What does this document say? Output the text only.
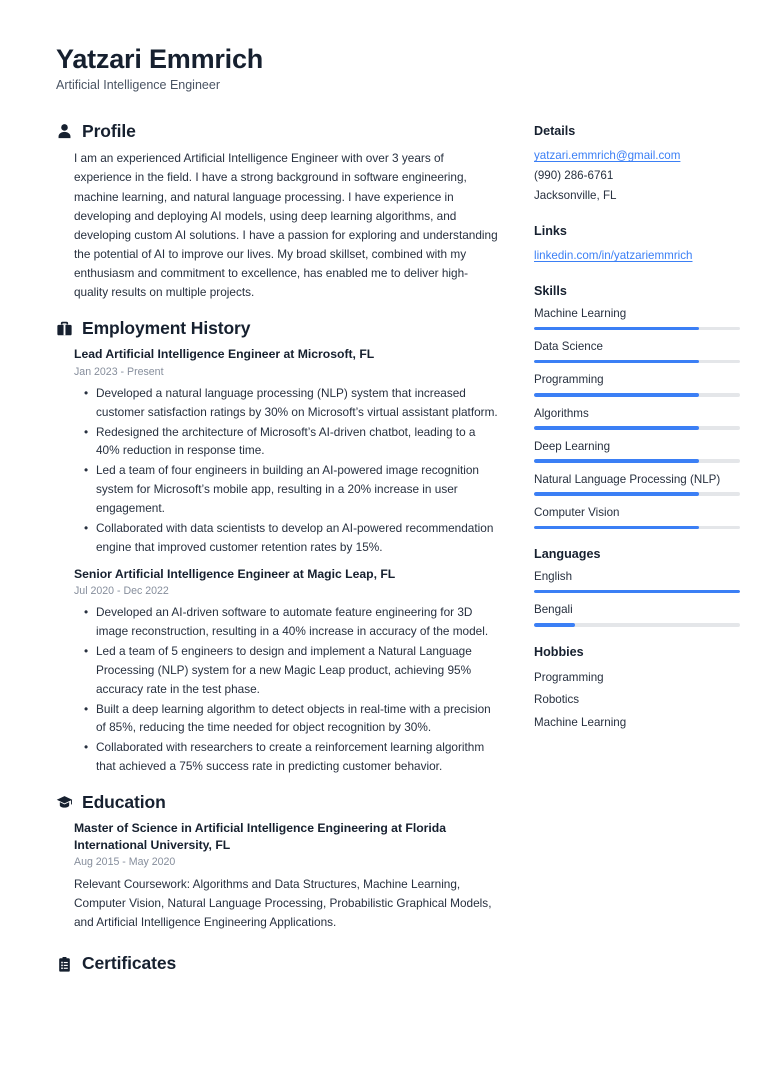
Yatzari Emmrich

Artificial Intelligence Engineer

Profile

I am an experienced Artificial Intelligence Engineer with over 3 years of experience in the field. I have a strong background in software engineering, machine learning, and natural language processing. I have experience in developing and deploying AI models, using deep learning algorithms, and developing custom AI solutions. I have a passion for exploring and understanding the potential of AI to improve our lives. My broad skillset, combined with my enthusiasm and commitment to excellence, has enabled me to deliver high-quality results on multiple projects.

Employment History

Lead Artificial Intelligence Engineer at Microsoft, FL

Jan 2023 - Present

• Developed a natural language processing (NLP) system that increased customer satisfaction ratings by 30% on Microsoft’s virtual assistant platform.
• Redesigned the architecture of Microsoft’s AI-driven chatbot, leading to a 40% reduction in response time.
• Led a team of four engineers in building an AI-powered image recognition system for Microsoft’s mobile app, resulting in a 20% increase in user engagement.
• Collaborated with data scientists to develop an AI-powered recommendation engine that improved customer retention rates by 15%.

Senior Artificial Intelligence Engineer at Magic Leap, FL

Jul 2020 - Dec 2022

• Developed an AI-driven software to automate feature engineering for 3D image reconstruction, resulting in a 40% increase in accuracy of the model.
• Led a team of 5 engineers to design and implement a Natural Language Processing (NLP) system for a new Magic Leap product, achieving 95% accuracy rate in the test phase.
• Built a deep learning algorithm to detect objects in real-time with a precision of 85%, reducing the time needed for object recognition by 30%.
• Collaborated with researchers to create a reinforcement learning algorithm that achieved a 75% success rate in predicting customer behavior.
Education

Master of Science in Artificial Intelligence Engineering at Florida International University, FL

Aug 2015 - May 2020

Relevant Coursework: Algorithms and Data Structures, Machine Learning, Computer Vision, Natural Language Processing, Probabilistic Graphical Models, and Artificial Intelligence Engineering Applications.

Certificates

Details

yatzari.emmrich@gmail.com
(990) 286-6761
Jacksonville, FL

Links

linkedin.com/in/yatzariemmrich

Skills

Machine Learning
Data Science
Programming
Algorithms
Deep Learning
Natural Language Processing (NLP)
Computer Vision

Languages

English
Bengali

Hobbies

Programming
Robotics
Machine Learning
